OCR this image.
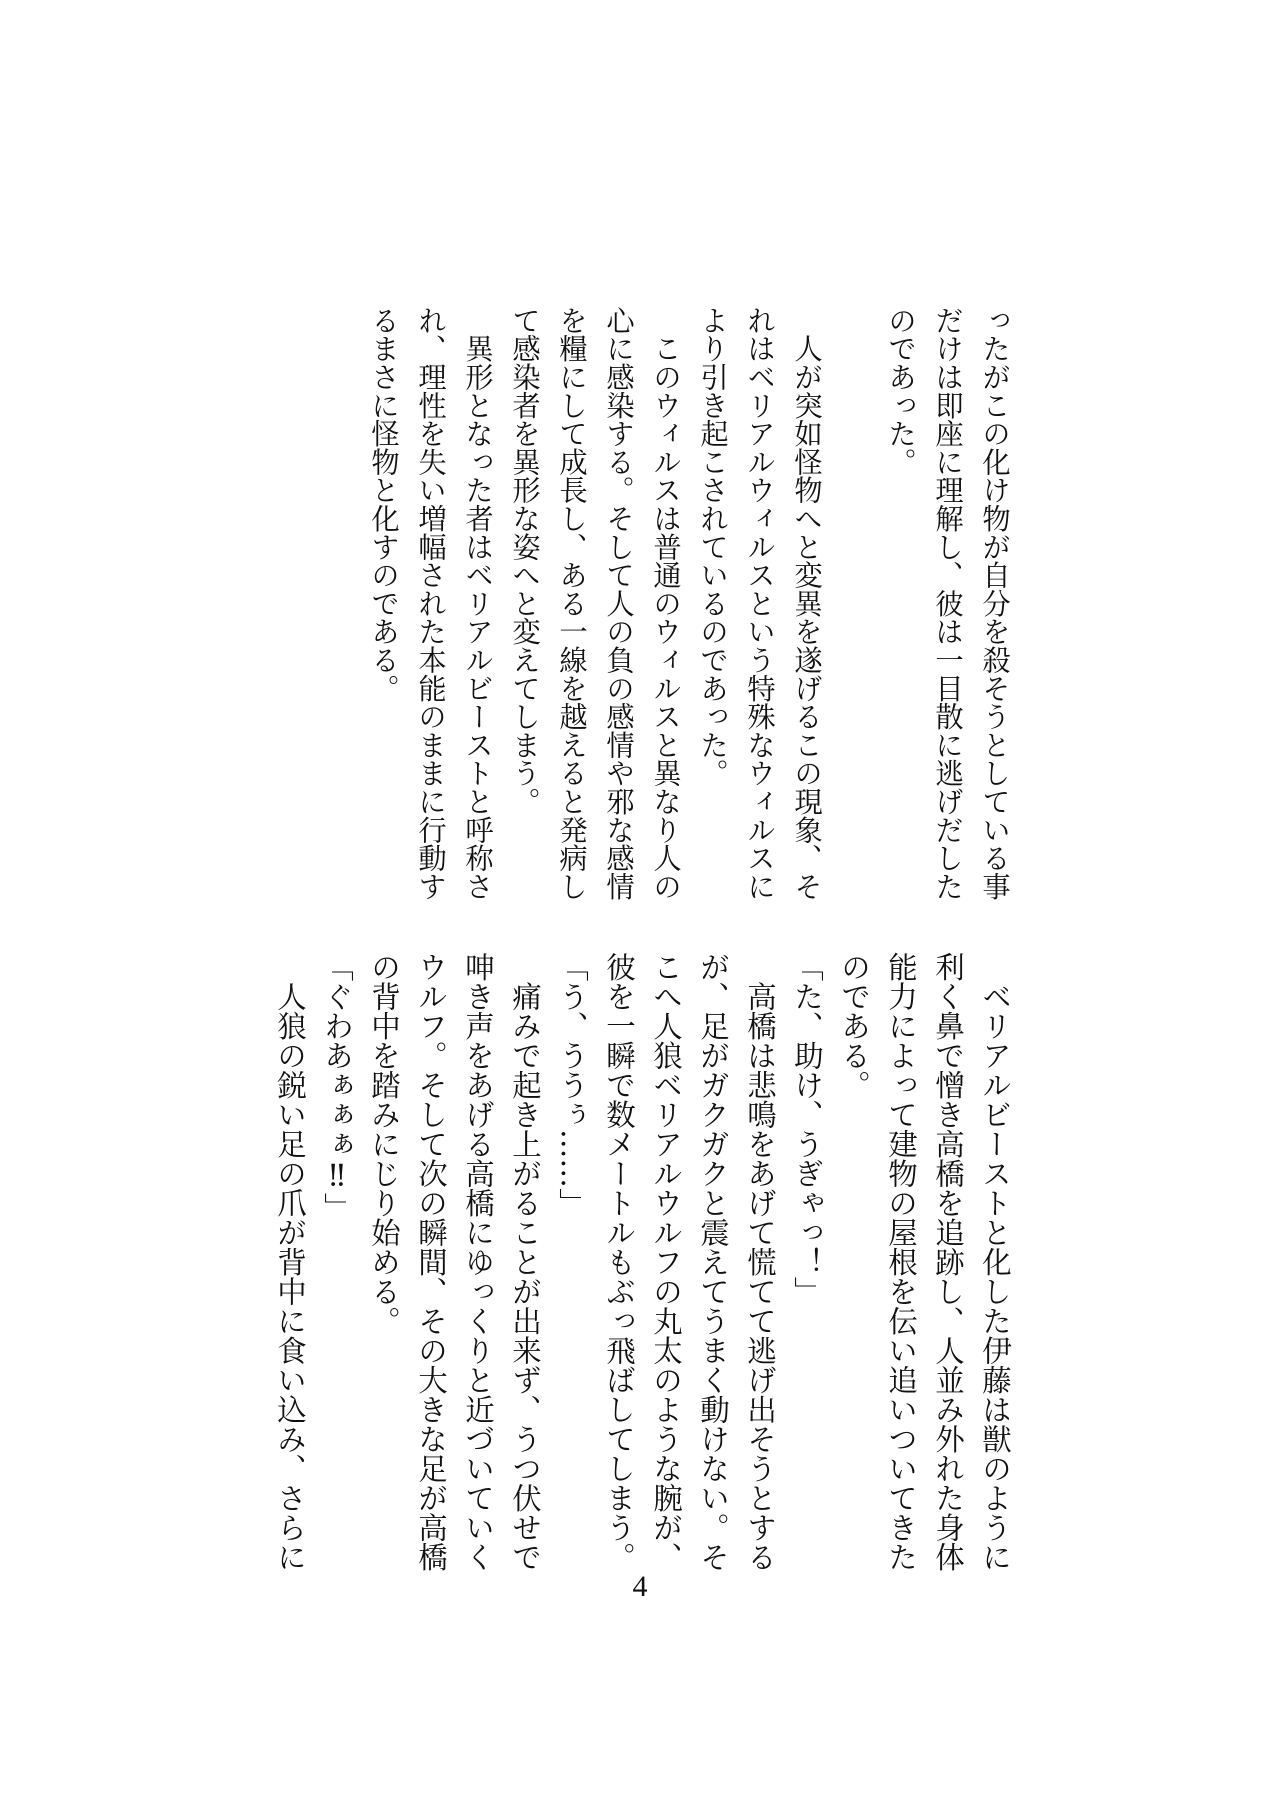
ったがこの化け物が自分を殺そうとしている事

だけは即座に理解し、彼は一目散に逃げだした

のであった。

　人が突如怪物へと変異を遂げるこの現象、そ

れはベリアルウィルスという特殊なウィルスに

より引き起こされているのであった。

　このウィルスは普通のウィルスと異なり人の

心に感染する。そして人の負の感情や邪な感情

を糧にして成長し、ある一線を越えると発病し

て感染者を異形な姿へと変えてしまう。

　異形となった者はベリアルビーストと呼称さ

れ、理性を失い増幅された本能のままに行動す

るまさに怪物と化すのである。

　ベリアルビーストと化した伊藤は獣のように

利く鼻で憎き高橋を追跡し、人並み外れた身体

能力によって建物の屋根を伝い追いついてきた

のである。

「た、助け、うぎゃっ！」

　高橋は悲鳴をあげて慌てて逃げ出そうとする

が、足がガクガクと震えてうまく動けない。そ

こへ人狼ベリアルウルフの丸太のような腕が、

彼を一瞬で数メートルもぶっ飛ばしてしまう。

「う、ううぅ……」

　痛みで起き上がることが出来ず、うつ伏せで

呻き声をあげる高橋にゆっくりと近づいていく

ウルフ。そして次の瞬間、その大きな足が高橋

の背中を踏みにじり始める。

「ぐわあぁぁぁ‼」

　人狼の鋭い足の爪が背中に食い込み、さらに

4
